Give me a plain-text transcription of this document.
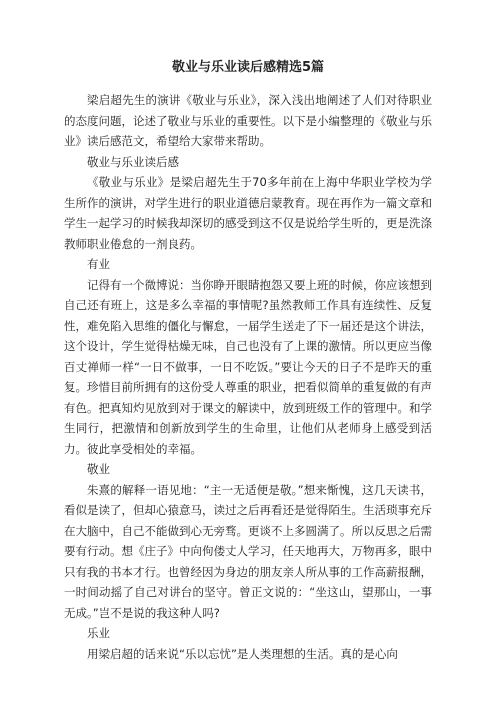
敬业与乐业读后感精选5篇

梁启超先生的演讲《敬业与乐业》，深入浅出地阐述了人们对待职业的态度问题，论述了敬业与乐业的重要性。以下是小编整理的《敬业与乐业》读后感范文，希望给大家带来帮助。

敬业与乐业读后感

《敬业与乐业》是梁启超先生于70多年前在上海中华职业学校为学生所作的演讲，对学生进行的职业道德启蒙教育。现在再作为一篇文章和学生一起学习的时候我却深切的感受到这不仅是说给学生听的，更是洗涤教师职业倦怠的一剂良药。

有业

记得有一个微博说：当你睁开眼睛抱怨又要上班的时候，你应该想到自己还有班上，这是多么幸福的事情呢?虽然教师工作具有连续性、反复性，难免陷入思维的僵化与懈怠，一届学生送走了下一届还是这个讲法，这个设计，学生觉得枯燥无味，自己也没有了上课的激情。所以更应当像百丈禅师一样“一日不做事，一日不吃饭。”要让今天的日子不是昨天的重复。珍惜目前所拥有的这份受人尊重的职业，把看似简单的重复做的有声有色。把真知灼见放到对于课文的解读中，放到班级工作的管理中。和学生同行，把激情和创新放到学生的生命里，让他们从老师身上感受到活力。彼此享受相处的幸福。

敬业

朱熹的解释一语见地：“主一无适便是敬。”想来惭愧，这几天读书，看似是读了，但却心猿意马，读过之后再看还是觉得陌生。生活琐事充斥在大脑中，自己不能做到心无旁骛。更谈不上多圆满了。所以反思之后需要有行动。想《庄子》中向佝偻丈人学习，任天地再大，万物再多，眼中只有我的书本才行。也曾经因为身边的朋友亲人所从事的工作高薪报酬，一时间动摇了自己对讲台的坚守。曾正文说的：“坐这山，望那山，一事无成。”岂不是说的我这种人吗?

乐业

用梁启超的话来说“乐以忘忧”是人类理想的生活。真的是心向
